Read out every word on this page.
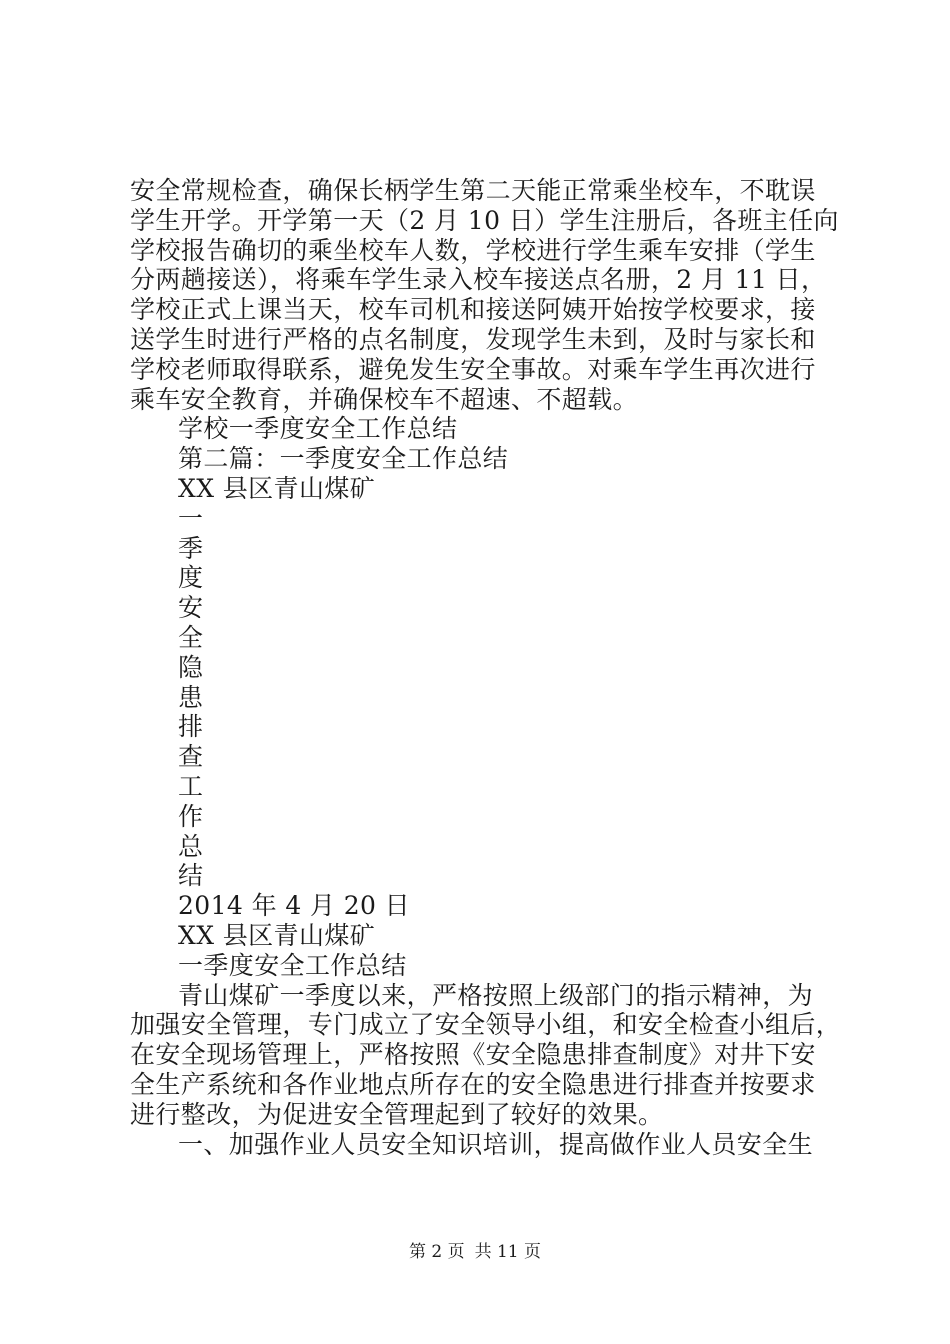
安全常规检查，确保长柄学生第二天能正常乘坐校车，不耽误
学生开学。开学第一天（2 月 10 日）学生注册后，各班主任向
学校报告确切的乘坐校车人数，学校进行学生乘车安排（学生
分两趟接送），将乘车学生录入校车接送点名册，2 月 11 日，
学校正式上课当天，校车司机和接送阿姨开始按学校要求，接
送学生时进行严格的点名制度，发现学生未到，及时与家长和
学校老师取得联系，避免发生安全事故。对乘车学生再次进行
乘车安全教育，并确保校车不超速、不超载。
学校一季度安全工作总结
第二篇：一季度安全工作总结
XX 县区青山煤矿
一
季
度
安
全
隐
患
排
查
工
作
总
结
2014 年 4 月 20 日
XX 县区青山煤矿
一季度安全工作总结
青山煤矿一季度以来，严格按照上级部门的指示精神，为
加强安全管理，专门成立了安全领导小组，和安全检查小组后，
在安全现场管理上，严格按照《安全隐患排查制度》对井下安
全生产系统和各作业地点所存在的安全隐患进行排查并按要求
进行整改，为促进安全管理起到了较好的效果。
一、加强作业人员安全知识培训，提高做作业人员安全生
第 2 页 共 11 页
